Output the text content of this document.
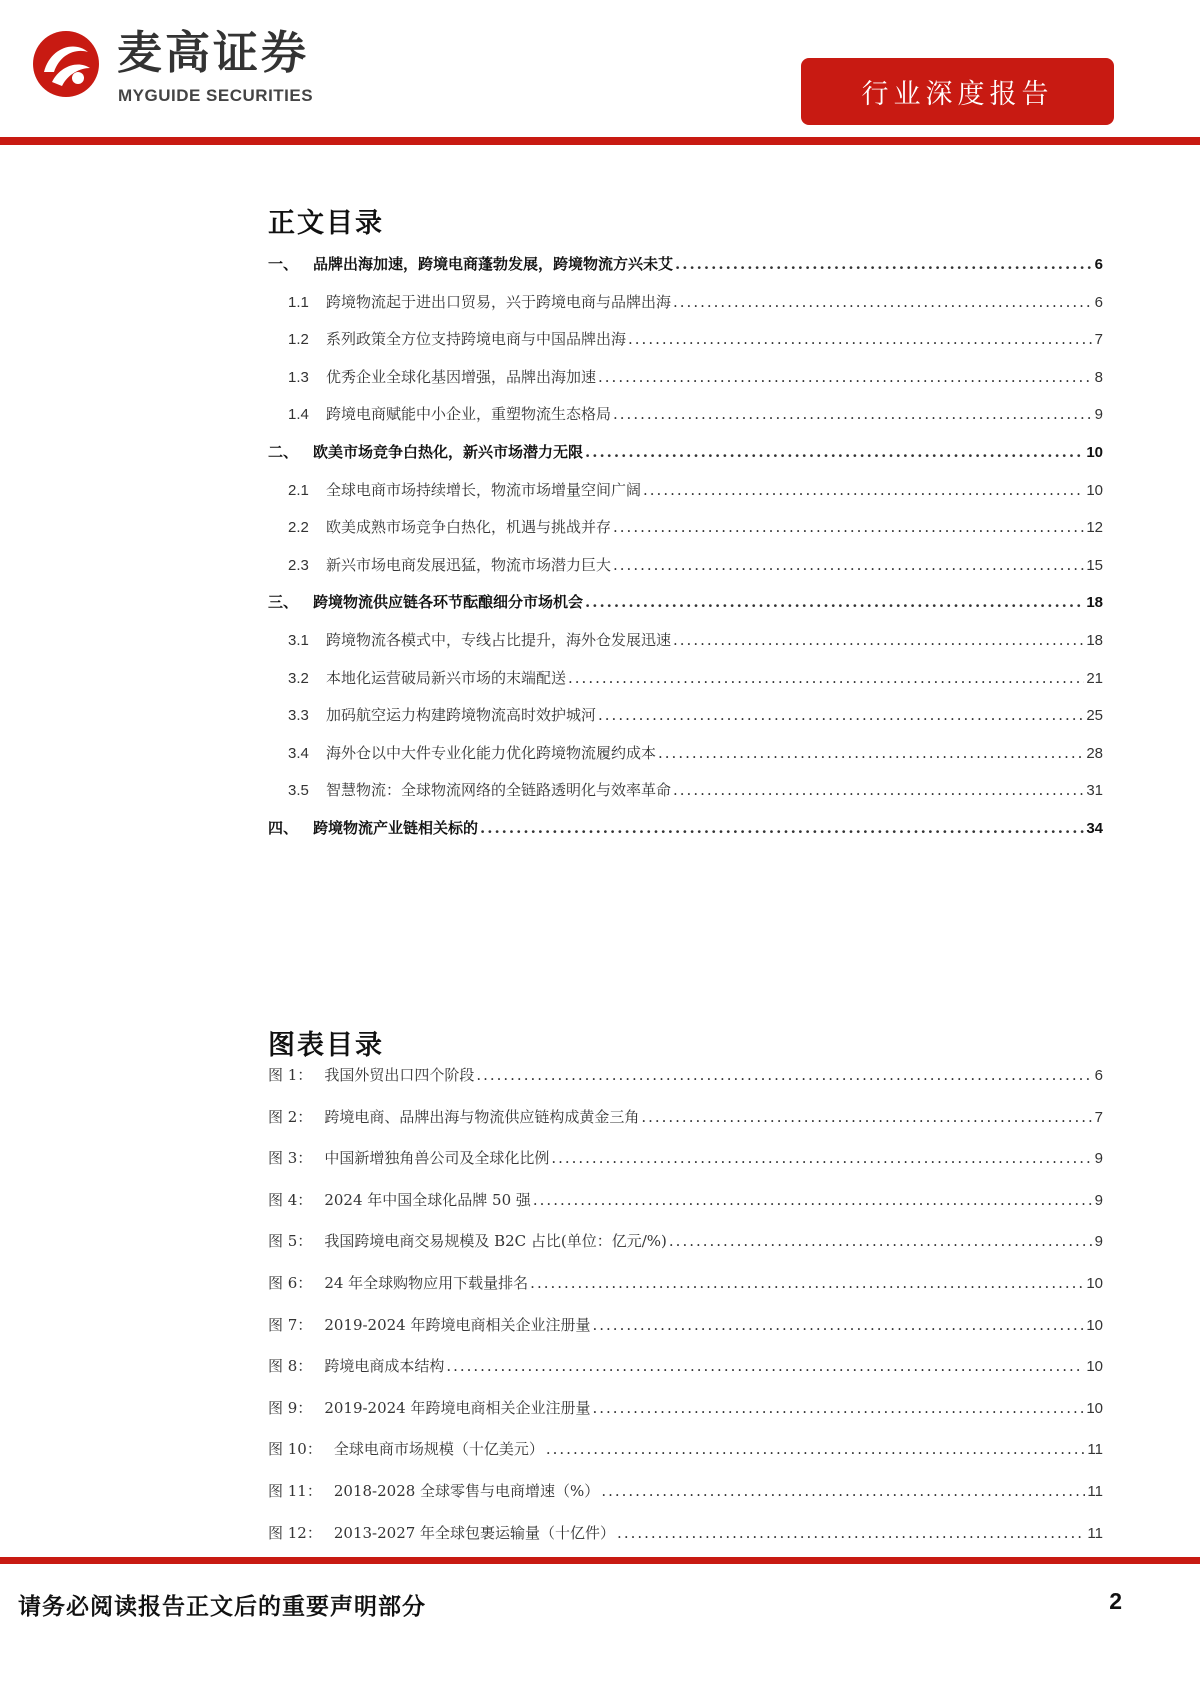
麦高证券
MYGUIDE SECURITIES	行业深度报告
正文目录
一、 品牌出海加速，跨境电商蓬勃发展，跨境物流方兴未艾 .....	6
1.1	跨境物流起于进出口贸易，兴于跨境电商与品牌出海 .....	6
1.2	系列政策全方位支持跨境电商与中国品牌出海 .....	7
1.3	优秀企业全球化基因增强，品牌出海加速 .....	8
1.4	跨境电商赋能中小企业，重塑物流生态格局 .....	9
二、 欧美市场竞争白热化，新兴市场潜力无限 .....	10
2.1	全球电商市场持续增长，物流市场增量空间广阔 .....	10
2.2	欧美成熟市场竞争白热化，机遇与挑战并存 .....	12
2.3	新兴市场电商发展迅猛，物流市场潜力巨大 .....	15
三、 跨境物流供应链各环节酝酿细分市场机会 .....	18
3.1	跨境物流各模式中，专线占比提升，海外仓发展迅速 .....	18
3.2	本地化运营破局新兴市场的末端配送 .....	21
3.3	加码航空运力构建跨境物流高时效护城河 .....	25
3.4	海外仓以中大件专业化能力优化跨境物流履约成本 .....	28
3.5	智慧物流：全球物流网络的全链路透明化与效率革命 .....	31
四、 跨境物流产业链相关标的 .....	34
图表目录
图 1： 我国外贸出口四个阶段 .....	6
图 2： 跨境电商、品牌出海与物流供应链构成黄金三角 .....	7
图 3： 中国新增独角兽公司及全球化比例 .....	9
图 4： 2024 年中国全球化品牌 50 强 .....	9
图 5： 我国跨境电商交易规模及 B2C 占比(单位：亿元/%) .....	9
图 6： 24 年全球购物应用下载量排名 .....	10
图 7： 2019-2024 年跨境电商相关企业注册量 .....	10
图 8： 跨境电商成本结构 .....	10
图 9： 2019-2024 年跨境电商相关企业注册量 .....	10
图 10： 全球电商市场规模（十亿美元） .....	11
图 11： 2018-2028 全球零售与电商增速（%） .....	11
图 12： 2013-2027 年全球包裹运输量（十亿件） .....	11
请务必阅读报告正文后的重要声明部分	2
